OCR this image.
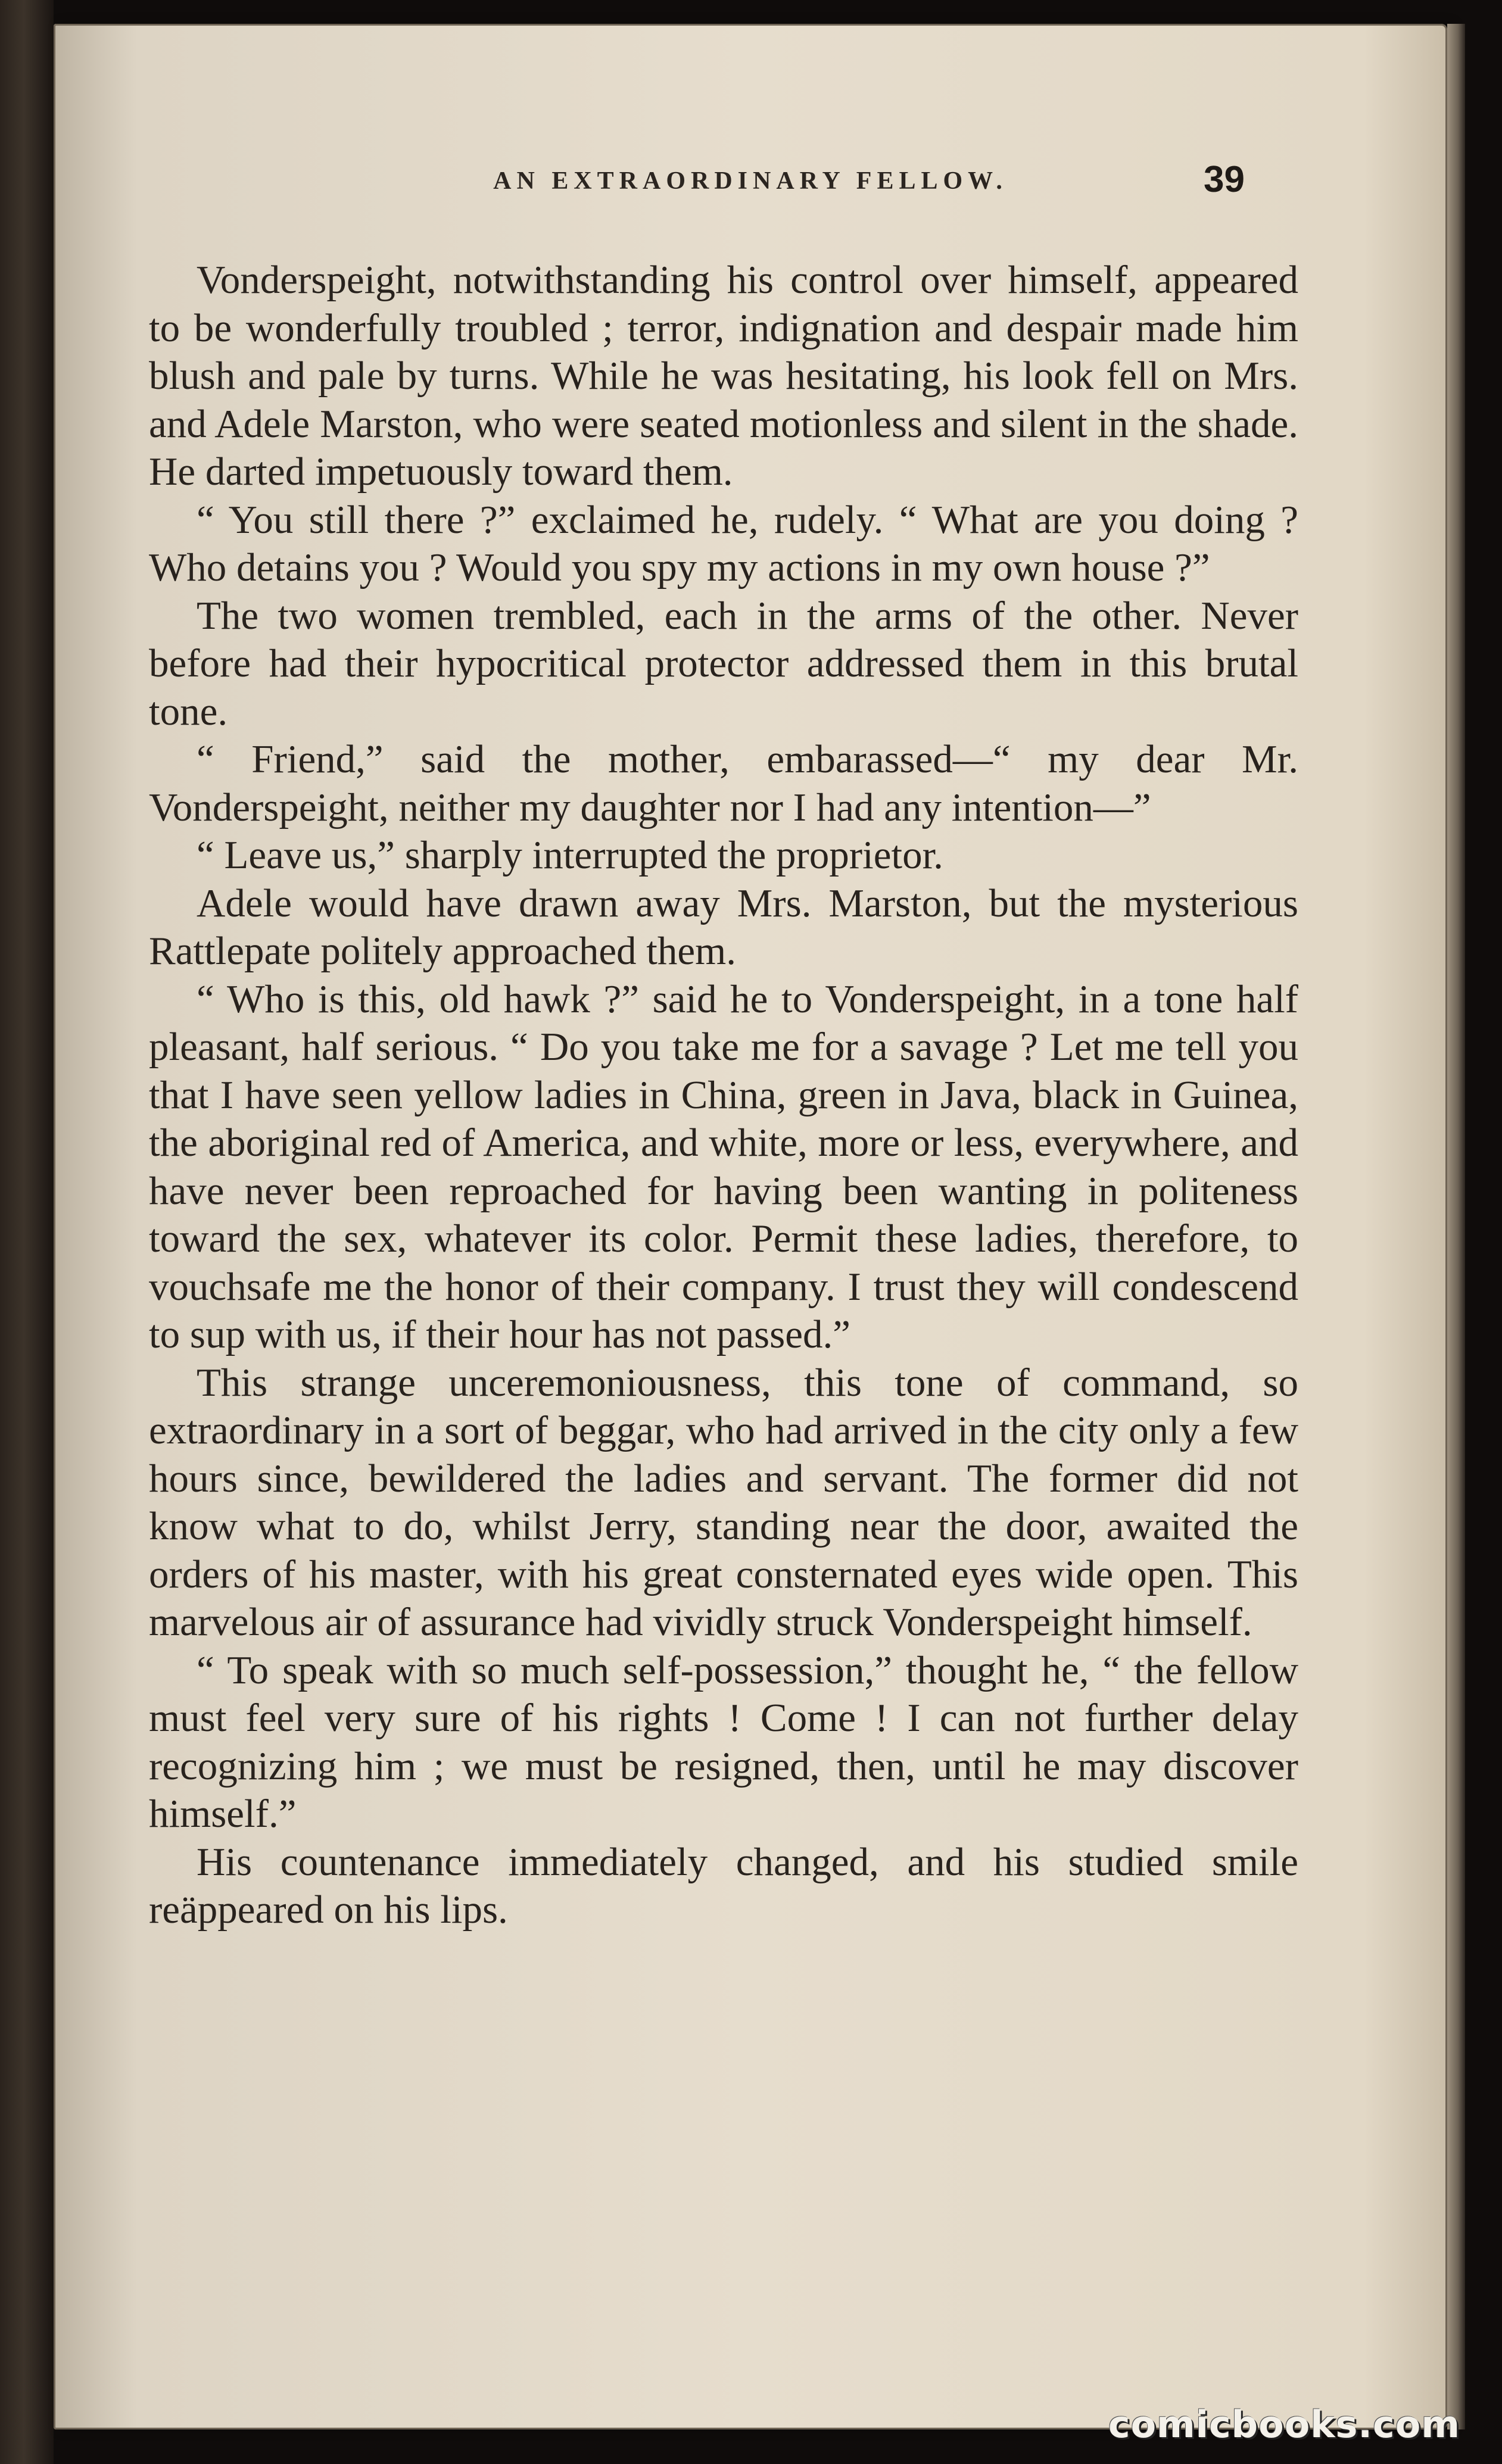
AN EXTRAORDINARY FELLOW.	39

Vonderspeight, notwithstanding his control over himself, appeared to be wonderfully troubled ; terror, indignation and despair made him blush and pale by turns. While he was hesitating, his look fell on Mrs. and Adele Marston, who were seated motionless and silent in the shade. He darted impetuously toward them.

“ You still there ?” exclaimed he, rudely. “ What are you doing ? Who detains you ? Would you spy my actions in my own house ?”

The two women trembled, each in the arms of the other. Never before had their hypocritical protector addressed them in this brutal tone.

“ Friend,” said the mother, embarassed—“ my dear Mr. Vonderspeight, neither my daughter nor I had any intention—”

“ Leave us,” sharply interrupted the proprietor.

Adele would have drawn away Mrs. Marston, but the mysterious Rattlepate politely approached them.

“ Who is this, old hawk ?” said he to Vonderspeight, in a tone half pleasant, half serious. “ Do you take me for a savage ? Let me tell you that I have seen yellow ladies in China, green in Java, black in Guinea, the aboriginal red of America, and white, more or less, everywhere, and have never been reproached for having been wanting in politeness toward the sex, whatever its color. Permit these ladies, therefore, to vouchsafe me the honor of their company. I trust they will condescend to sup with us, if their hour has not passed.”

This strange unceremoniousness, this tone of command, so extraordinary in a sort of beggar, who had arrived in the city only a few hours since, bewildered the ladies and servant. The former did not know what to do, whilst Jerry, standing near the door, awaited the orders of his master, with his great consternated eyes wide open. This marvelous air of assurance had vividly struck Vonderspeight himself.

“ To speak with so much self-possession,” thought he, “ the fellow must feel very sure of his rights ! Come ! I can not further delay recognizing him ; we must be resigned, then, until he may discover himself.”

His countenance immediately changed, and his studied smile reäppeared on his lips.

comicbooks.com
